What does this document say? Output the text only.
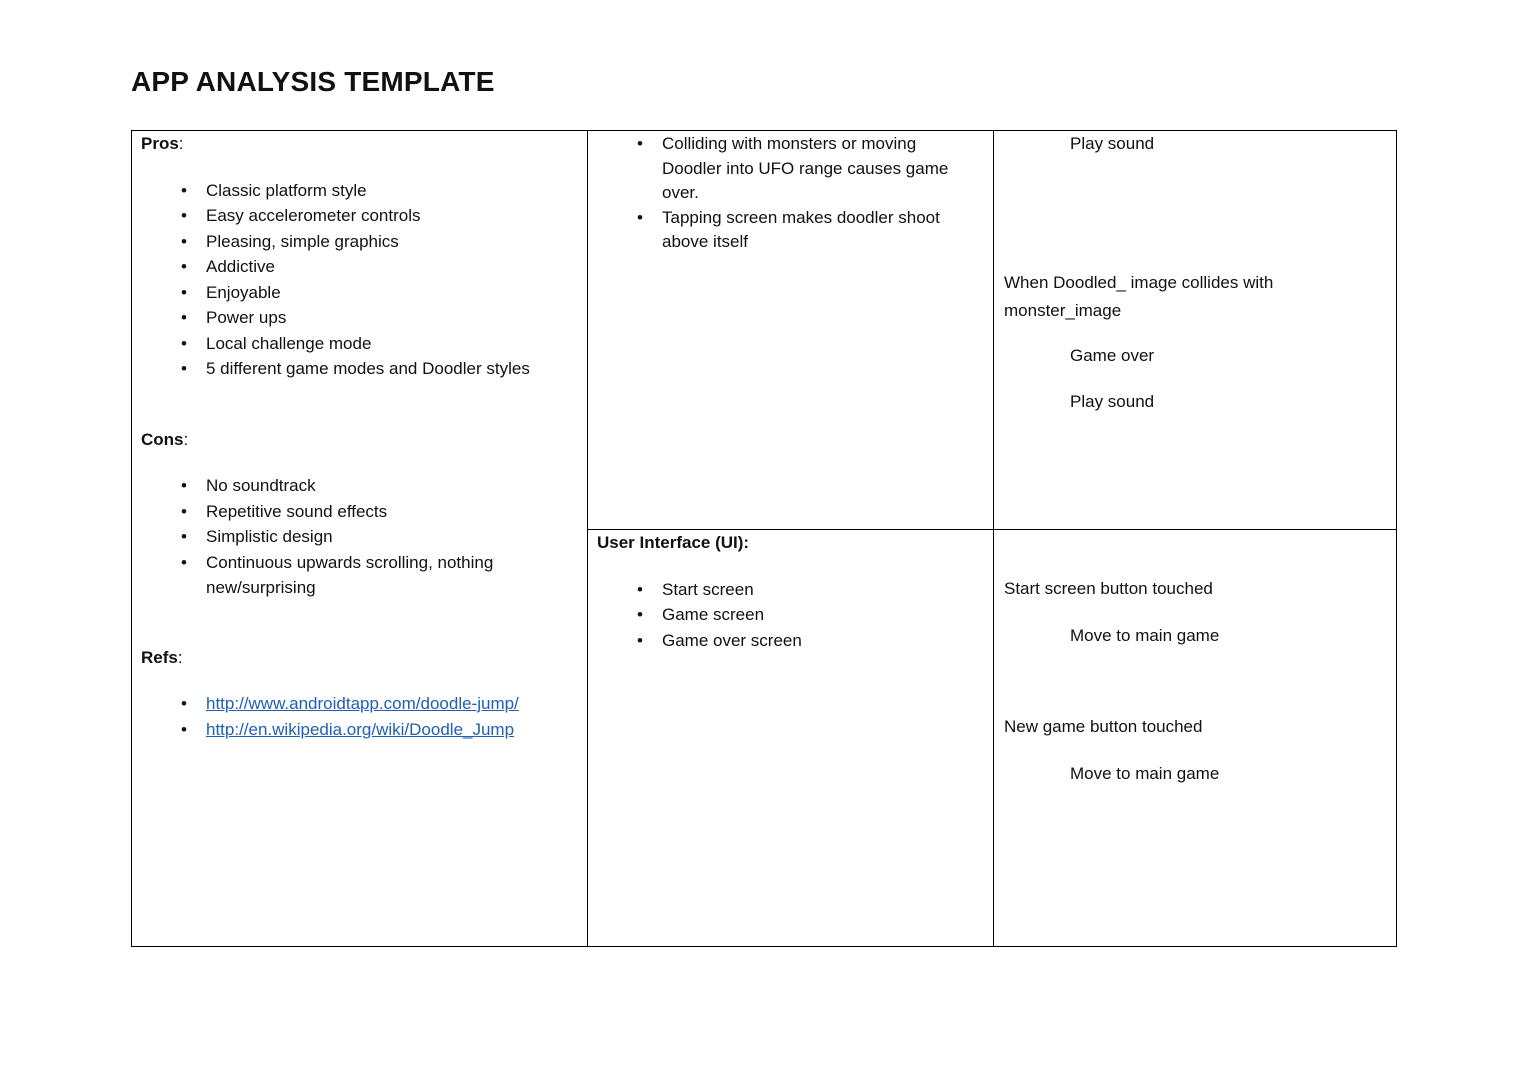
APP ANALYSIS TEMPLATE
Pros:
• Classic platform style
• Easy accelerometer controls
• Pleasing, simple graphics
• Addictive
• Enjoyable
• Power ups
• Local challenge mode
• 5 different game modes and Doodler styles
Cons:
• No soundtrack
• Repetitive sound effects
• Simplistic design
• Continuous upwards scrolling, nothing new/surprising
Refs:
• http://www.androidtapp.com/doodle-jump/
• http://en.wikipedia.org/wiki/Doodle_Jump
• Colliding with monsters or moving Doodler into UFO range causes game over.
• Tapping screen makes doodler shoot above itself
User Interface (UI):
• Start screen
• Game screen
• Game over screen
Play sound
When Doodled_ image collides with monster_image
Game over
Play sound
Start screen button touched
Move to main game
New game button touched
Move to main game
